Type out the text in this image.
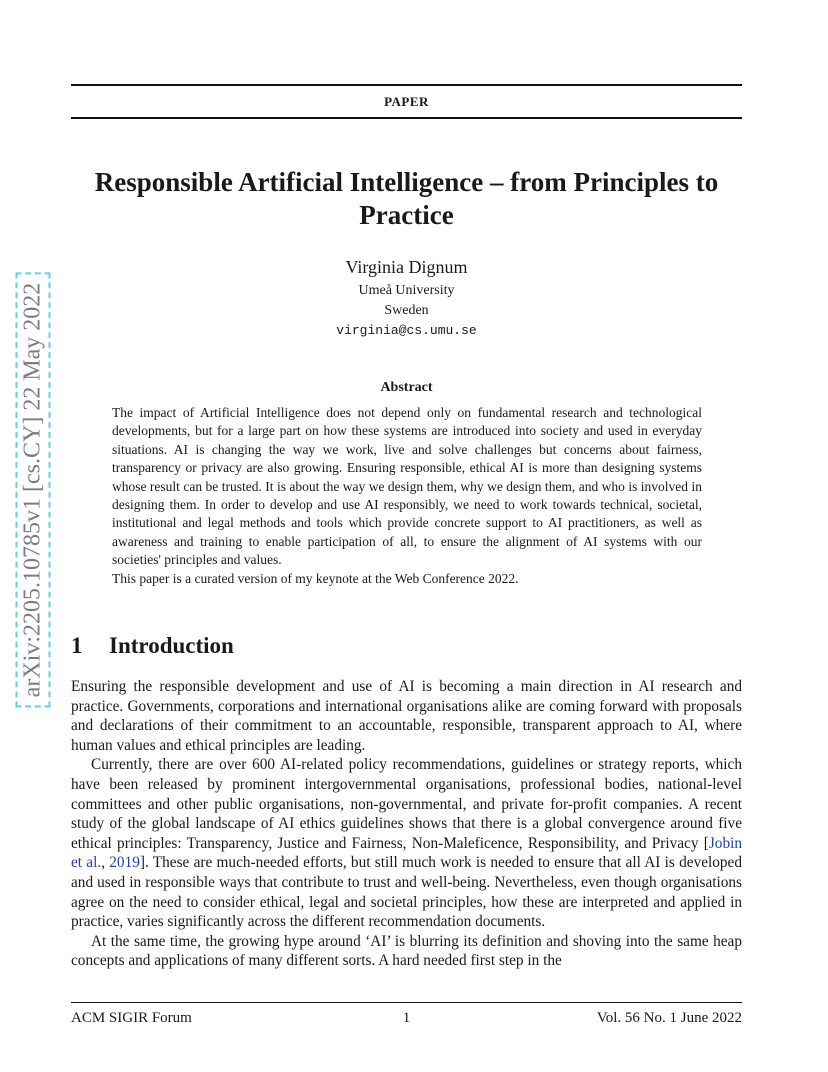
PAPER
arXiv:2205.10785v1 [cs.CY] 22 May 2022
Responsible Artificial Intelligence – from Principles to Practice
Virginia Dignum
Umeå University
Sweden
virginia@cs.umu.se
Abstract

The impact of Artificial Intelligence does not depend only on fundamental research and technological developments, but for a large part on how these systems are introduced into society and used in everyday situations. AI is changing the way we work, live and solve challenges but concerns about fairness, transparency or privacy are also growing. Ensuring responsible, ethical AI is more than designing systems whose result can be trusted. It is about the way we design them, why we design them, and who is involved in designing them. In order to develop and use AI responsibly, we need to work towards technical, societal, institutional and legal methods and tools which provide concrete support to AI practitioners, as well as awareness and training to enable participation of all, to ensure the alignment of AI systems with our societies' principles and values.

This paper is a curated version of my keynote at the Web Conference 2022.

1 Introduction

Ensuring the responsible development and use of AI is becoming a main direction in AI research and practice. Governments, corporations and international organisations alike are coming forward with proposals and declarations of their commitment to an accountable, responsible, transparent approach to AI, where human values and ethical principles are leading.

Currently, there are over 600 AI-related policy recommendations, guidelines or strategy reports, which have been released by prominent intergovernmental organisations, professional bodies, national-level committees and other public organisations, non-governmental, and private for-profit companies. A recent study of the global landscape of AI ethics guidelines shows that there is a global convergence around five ethical principles: Transparency, Justice and Fairness, Non-Maleficence, Responsibility, and Privacy [Jobin et al., 2019]. These are much-needed efforts, but still much work is needed to ensure that all AI is developed and used in responsible ways that contribute to trust and well-being. Nevertheless, even though organisations agree on the need to consider ethical, legal and societal principles, how these are interpreted and applied in practice, varies significantly across the different recommendation documents.

At the same time, the growing hype around ‘AI’ is blurring its definition and shoving into the same heap concepts and applications of many different sorts. A hard needed first step in the

ACM SIGIR Forum	1	Vol. 56 No. 1 June 2022
